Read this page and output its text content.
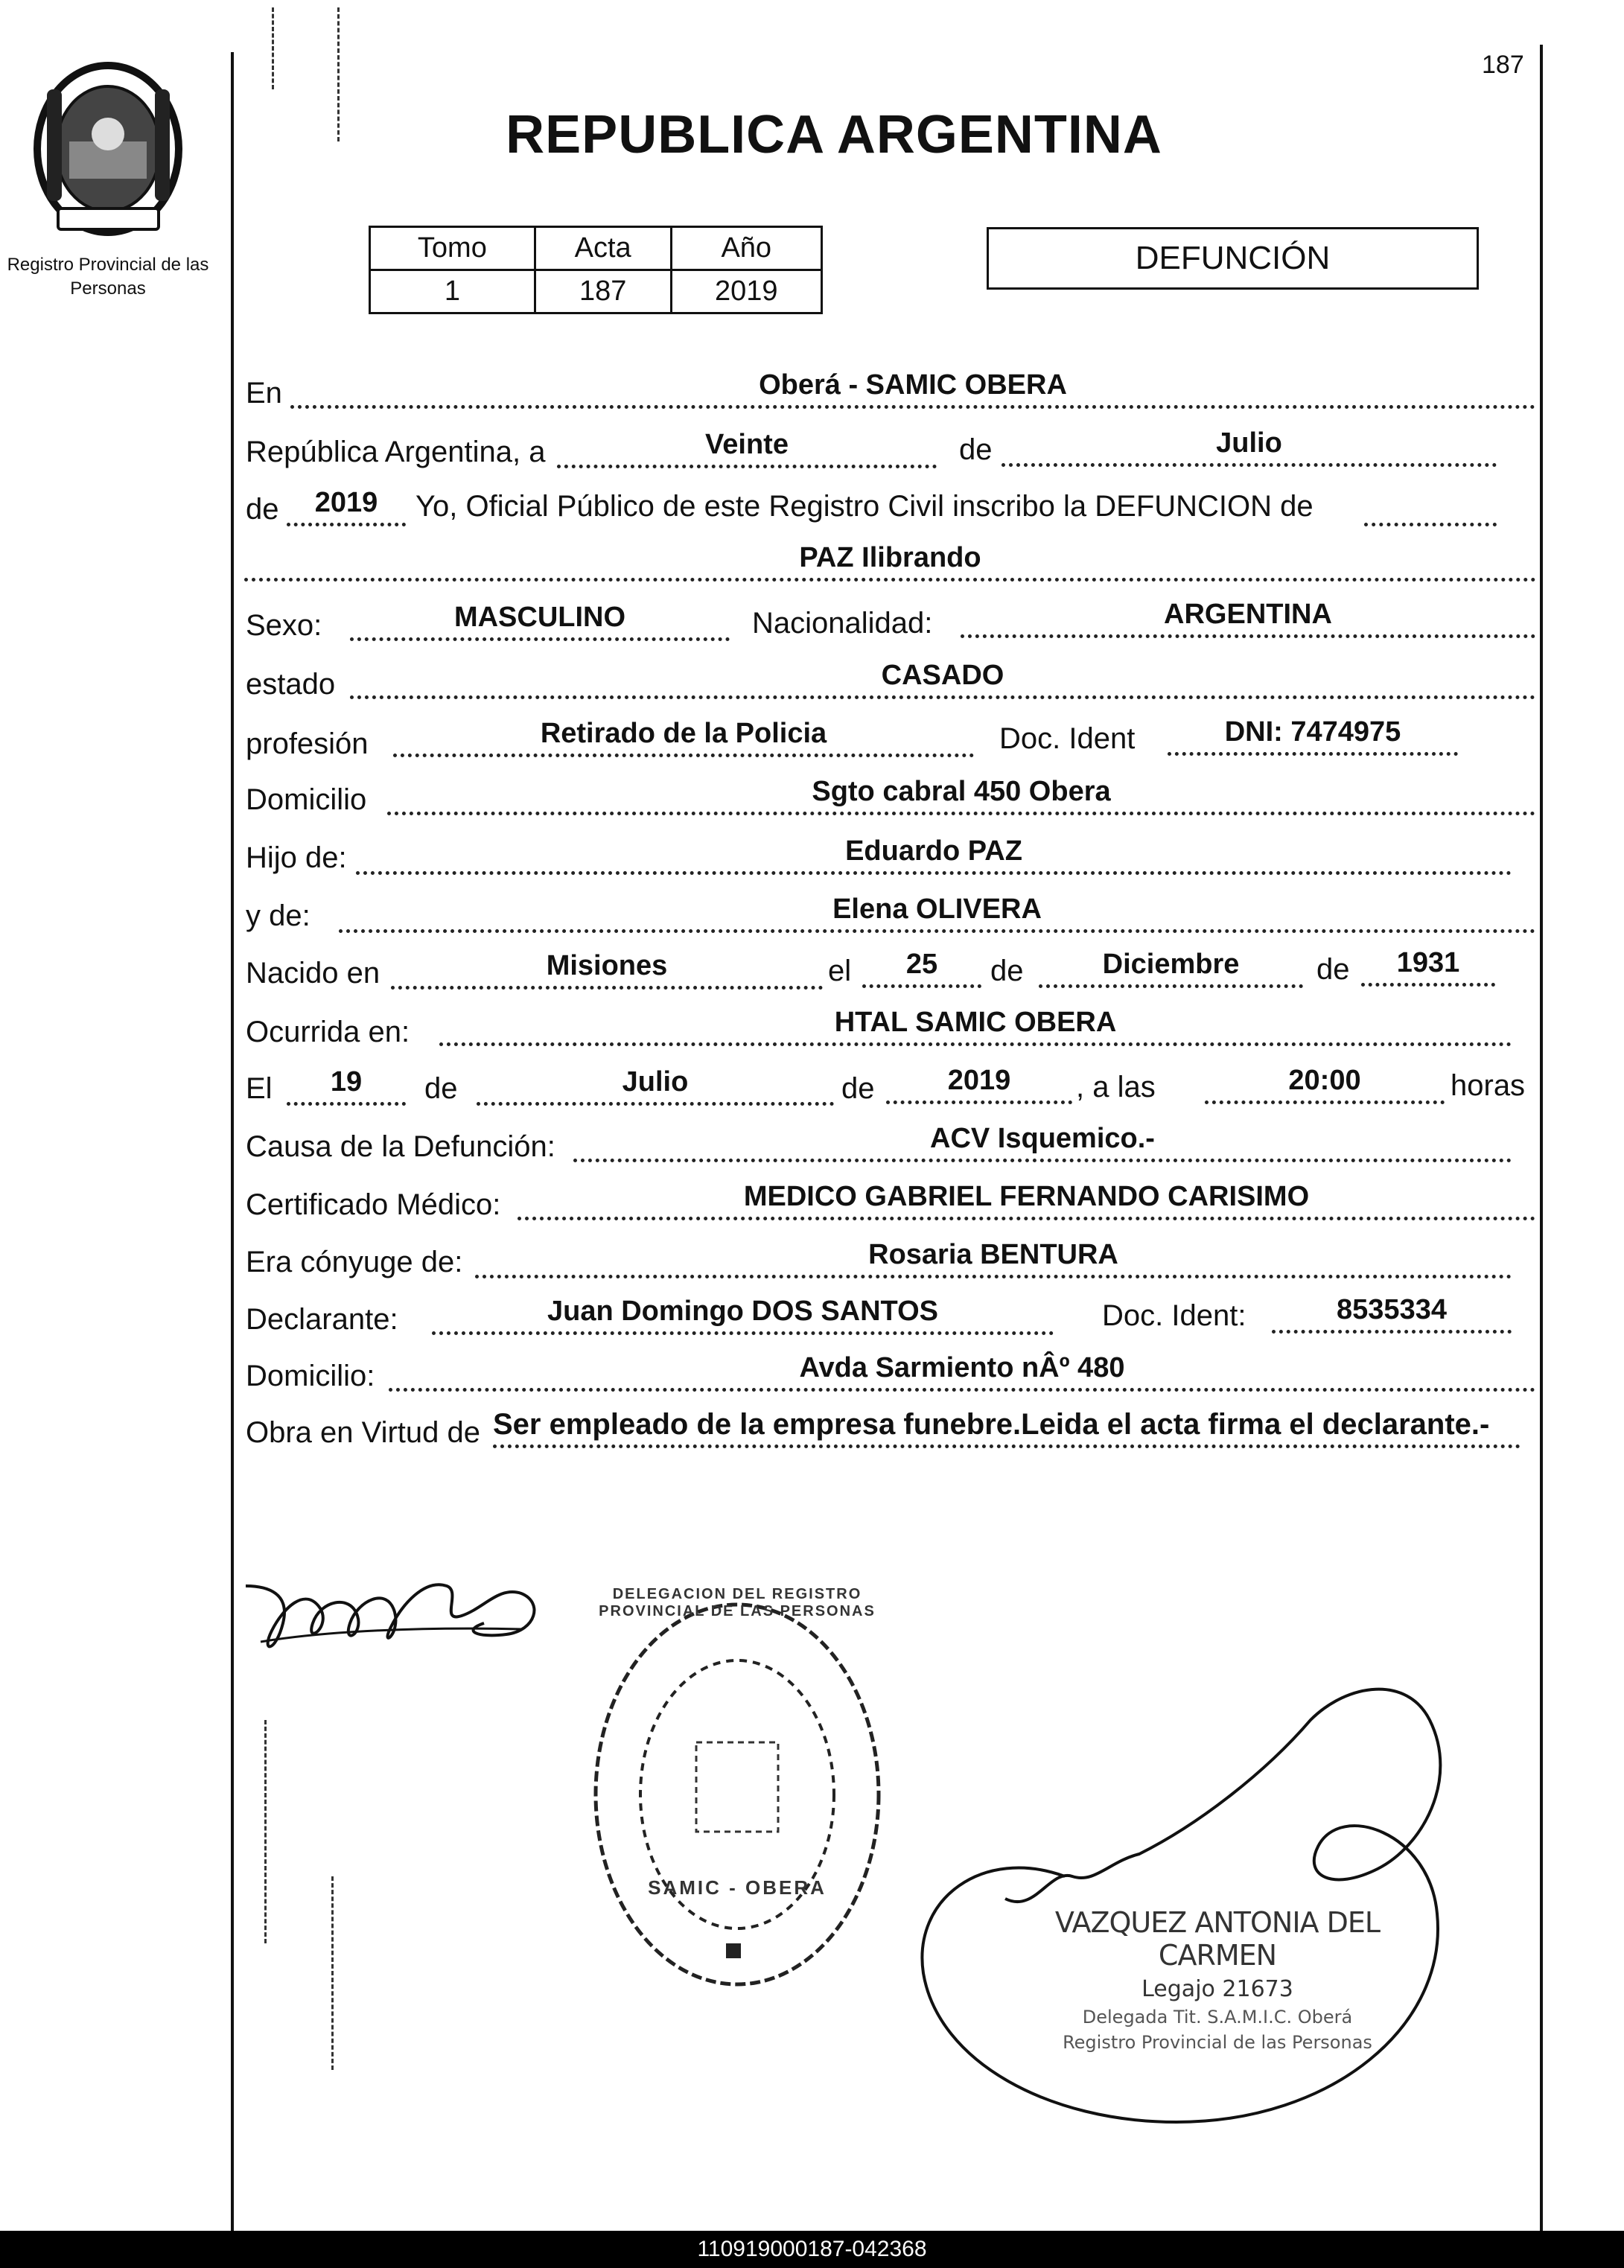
Registro Provincial de las Personas
187
REPUBLICA ARGENTINA
Tomo	Acta	Año
1	187	2019
DEFUNCIÓN
En	Oberá - SAMIC OBERA
República Argentina, a	Veinte	de	Julio
de	2019	Yo, Oficial Público de este Registro Civil inscribo la DEFUNCION de
PAZ Ilibrando
Sexo:	MASCULINO	Nacionalidad:	ARGENTINA
estado	CASADO
profesión	Retirado de la Policia	Doc. Ident	DNI: 7474975
Domicilio	Sgto cabral 450 Obera
Hijo de:	Eduardo PAZ
y de:	Elena OLIVERA
Nacido en	Misiones	el	25	de	Diciembre	de	1931
Ocurrida en:	HTAL SAMIC OBERA
El	19	de	Julio	de	2019	, a las	20:00	horas
Causa de la Defunción:	ACV Isquemico.-
Certificado Médico:	MEDICO GABRIEL FERNANDO CARISIMO
Era cónyuge de:	Rosaria BENTURA
Declarante:	Juan Domingo DOS SANTOS	Doc. Ident:	8535334
Domicilio:	Avda Sarmiento nÂº 480
Obra en Virtud de Ser empleado de la empresa funebre.Leida el acta firma el declarante.-
DELEGACION DEL REGISTRO PROVINCIAL DE LAS PERSONAS
SAMIC - OBERA
VAZQUEZ ANTONIA DEL CARMEN
Legajo 21673
Delegada Tit. S.A.M.I.C. Oberá
Registro Provincial de las Personas
110919000187-042368
